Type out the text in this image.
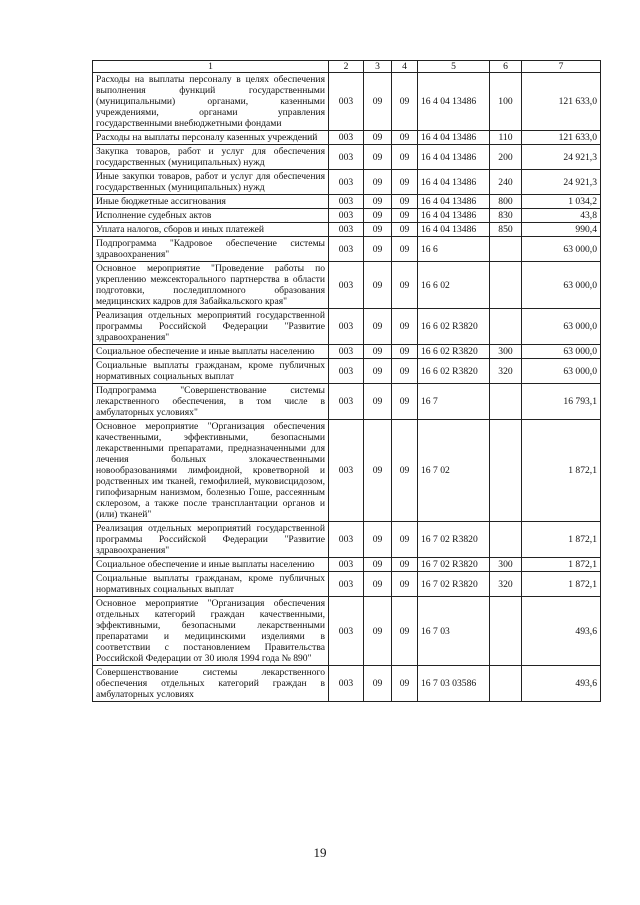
1	2	3	4	5	6	7
Расходы на выплаты персоналу в целях обеспечения выполнения функций государственными (муниципальными) органами, казенными учреждениями, органами управления государственными внебюджетными фондами	003	09	09	16 4 04 13486	100	121 633,0
Расходы на выплаты персоналу казенных учреждений	003	09	09	16 4 04 13486	110	121 633,0
Закупка товаров, работ и услуг для обеспечения государственных (муниципальных) нужд	003	09	09	16 4 04 13486	200	24 921,3
Иные закупки товаров, работ и услуг для обеспечения государственных (муниципальных) нужд	003	09	09	16 4 04 13486	240	24 921,3
Иные бюджетные ассигнования	003	09	09	16 4 04 13486	800	1 034,2
Исполнение судебных актов	003	09	09	16 4 04 13486	830	43,8
Уплата налогов, сборов и иных платежей	003	09	09	16 4 04 13486	850	990,4
Подпрограмма "Кадровое обеспечение системы здравоохранения"	003	09	09	16 6		63 000,0
Основное мероприятие "Проведение работы по укреплению межсекторального партнерства в области подготовки, последипломного образования медицинских кадров для Забайкальского края"	003	09	09	16 6 02		63 000,0
Реализация отдельных мероприятий государственной программы Российской Федерации "Развитие здравоохранения"	003	09	09	16 6 02 R3820		63 000,0
Социальное обеспечение и иные выплаты населению	003	09	09	16 6 02 R3820	300	63 000,0
Социальные выплаты гражданам, кроме публичных нормативных социальных выплат	003	09	09	16 6 02 R3820	320	63 000,0
Подпрограмма "Совершенствование системы лекарственного обеспечения, в том числе в амбулаторных условиях"	003	09	09	16 7		16 793,1
Основное мероприятие "Организация обеспечения качественными, эффективными, безопасными лекарственными препаратами, предназначенными для лечения больных злокачественными новообразованиями лимфоидной, кроветворной и родственных им тканей, гемофилией, муковисцидозом, гипофизарным нанизмом, болезнью Гоше, рассеянным склерозом, а также после трансплантации органов и (или) тканей"	003	09	09	16 7 02		1 872,1
Реализация отдельных мероприятий государственной программы Российской Федерации "Развитие здравоохранения"	003	09	09	16 7 02 R3820		1 872,1
Социальное обеспечение и иные выплаты населению	003	09	09	16 7 02 R3820	300	1 872,1
Социальные выплаты гражданам, кроме публичных нормативных социальных выплат	003	09	09	16 7 02 R3820	320	1 872,1
Основное мероприятие "Организация обеспечения отдельных категорий граждан качественными, эффективными, безопасными лекарственными препаратами и медицинскими изделиями в соответствии с постановлением Правительства Российской Федерации от 30 июля 1994 года № 890"	003	09	09	16 7 03		493,6
Совершенствование системы лекарственного обеспечения отдельных категорий граждан в амбулаторных условиях	003	09	09	16 7 03 03586		493,6
19
